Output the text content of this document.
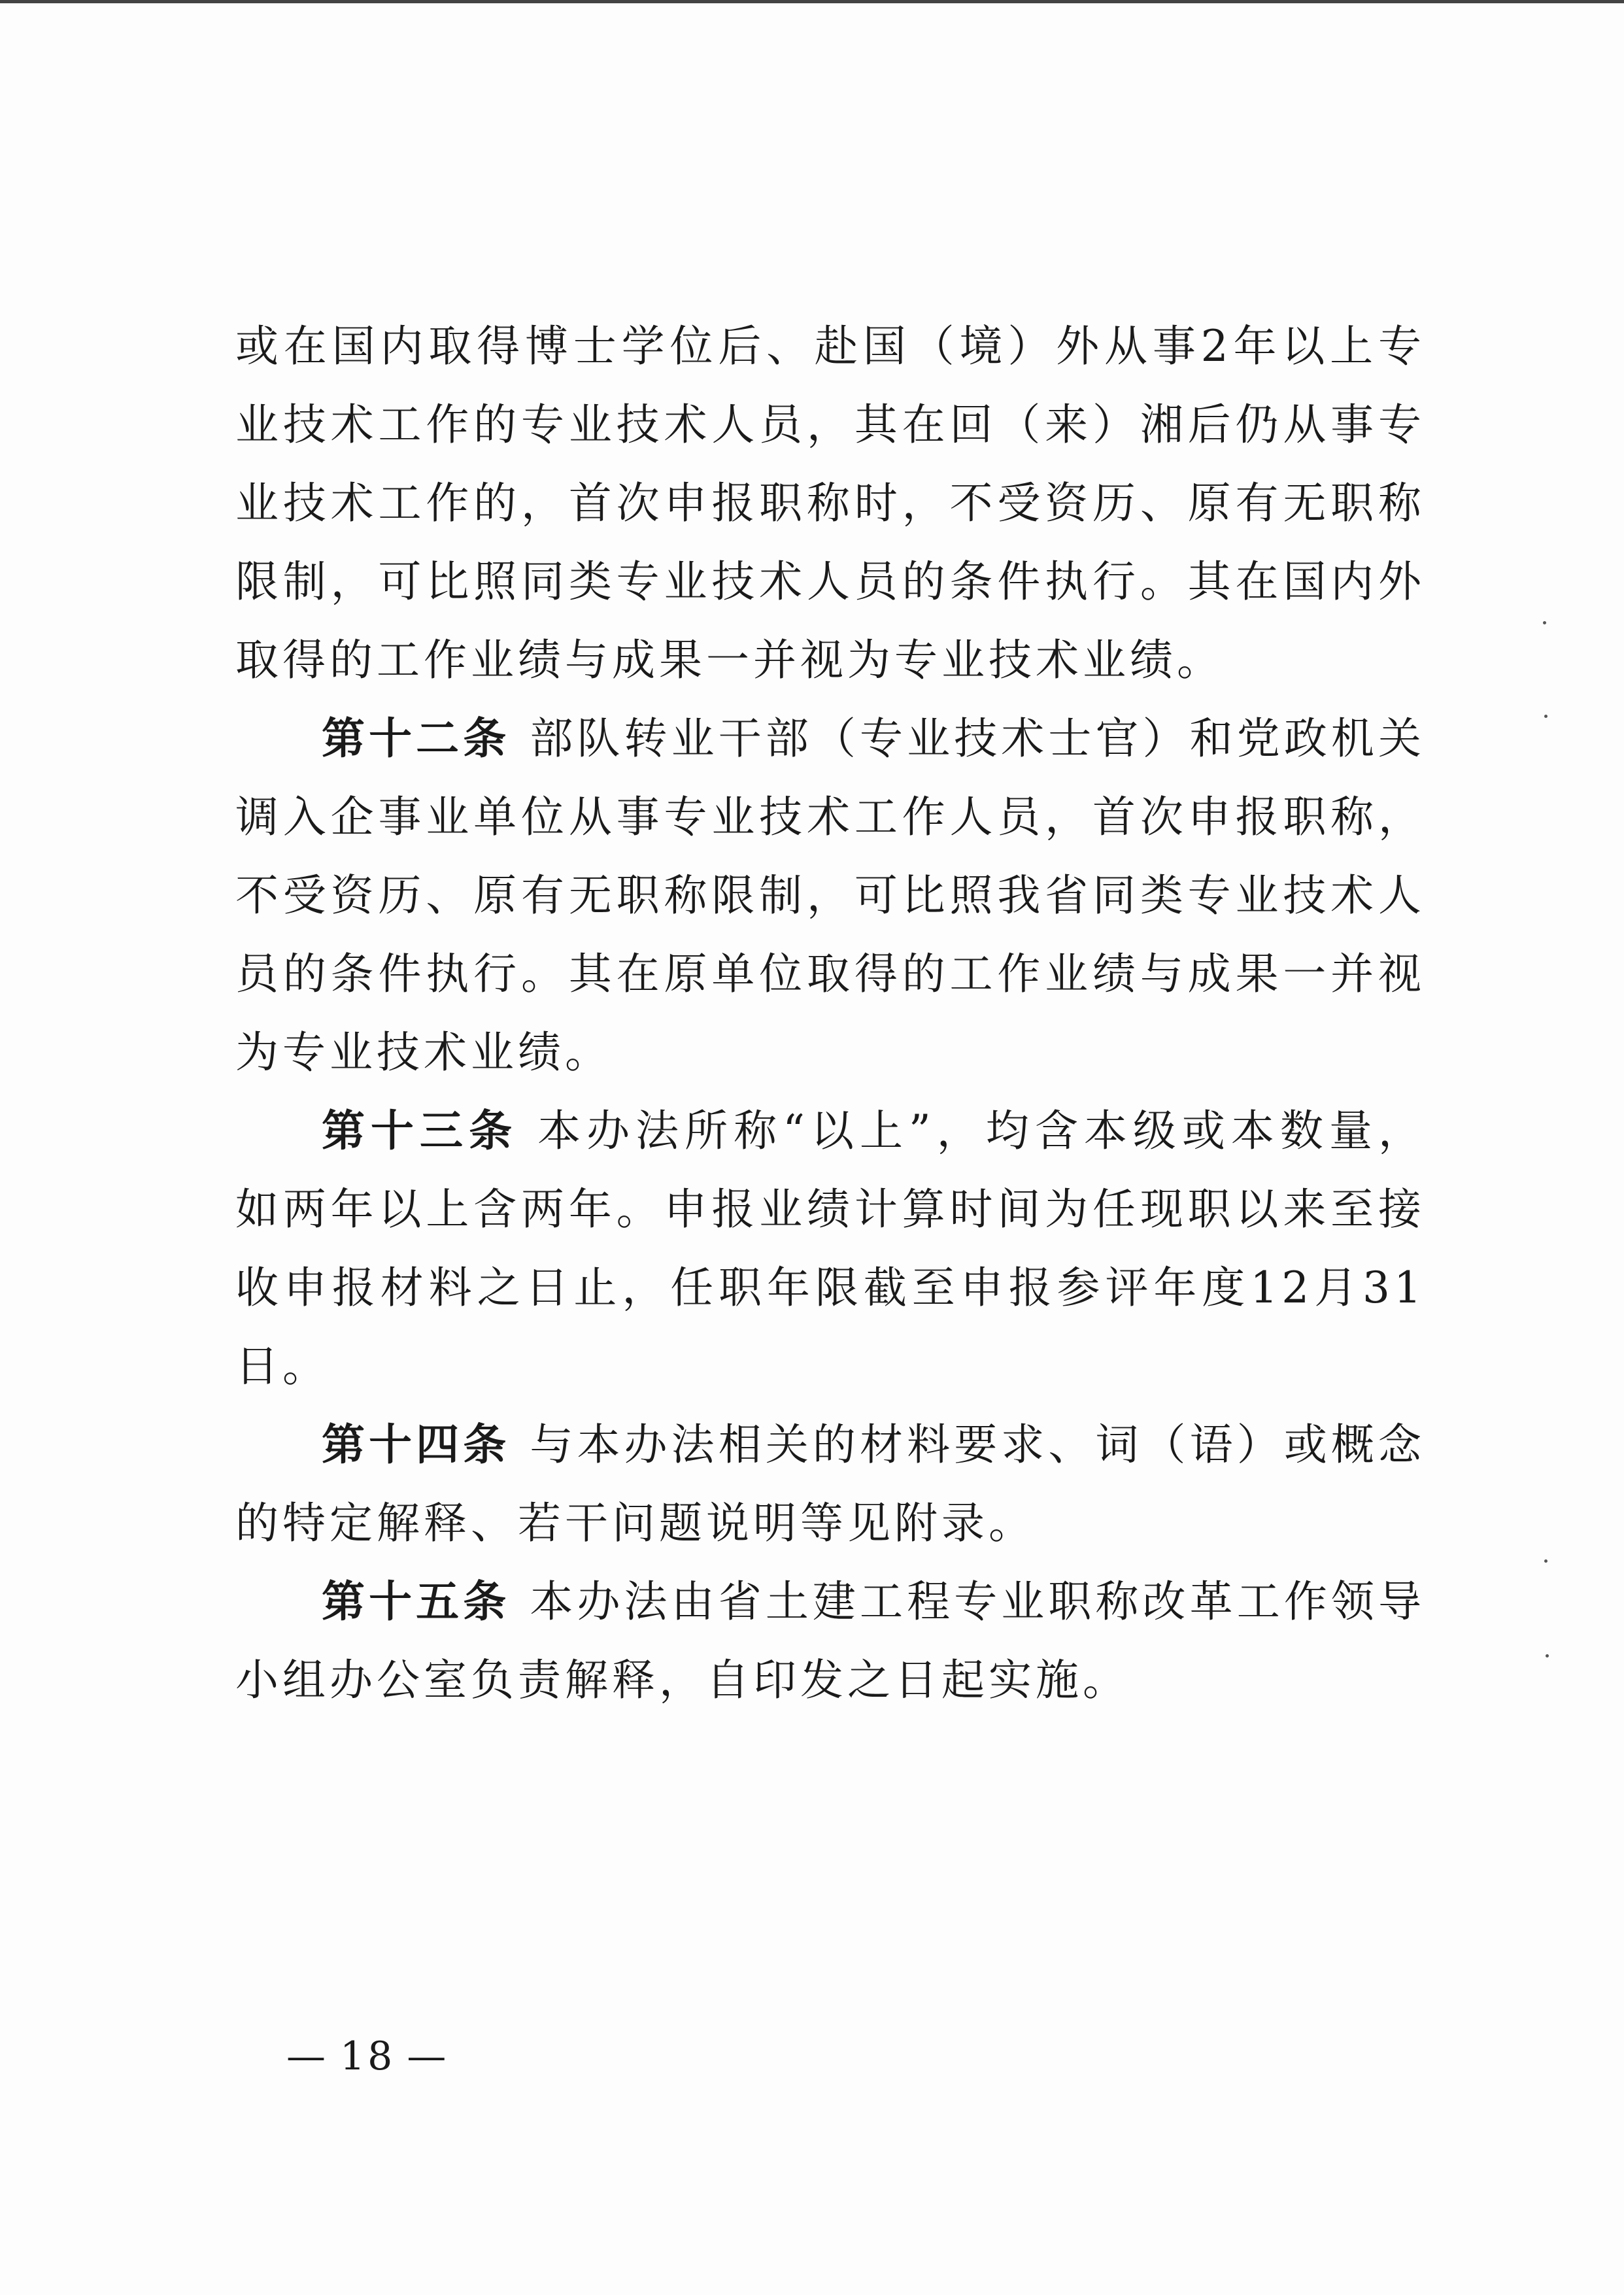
或在国内取得博士学位后、赴国（境）外从事2年以上专业技术工作的专业技术人员，其在回（来）湘后仍从事专业技术工作的，首次申报职称时，不受资历、原有无职称限制，可比照同类专业技术人员的条件执行。其在国内外取得的工作业绩与成果一并视为专业技术业绩。

第十二条 部队转业干部（专业技术士官）和党政机关调入企事业单位从事专业技术工作人员，首次申报职称，不受资历、原有无职称限制，可比照我省同类专业技术人员的条件执行。其在原单位取得的工作业绩与成果一并视为专业技术业绩。

第十三条 本办法所称“以上”，均含本级或本数量，如两年以上含两年。申报业绩计算时间为任现职以来至接收申报材料之日止，任职年限截至申报参评年度12月31日。

第十四条 与本办法相关的材料要求、词（语）或概念的特定解释、若干问题说明等见附录。

第十五条 本办法由省土建工程专业职称改革工作领导小组办公室负责解释，自印发之日起实施。

— 18 —
